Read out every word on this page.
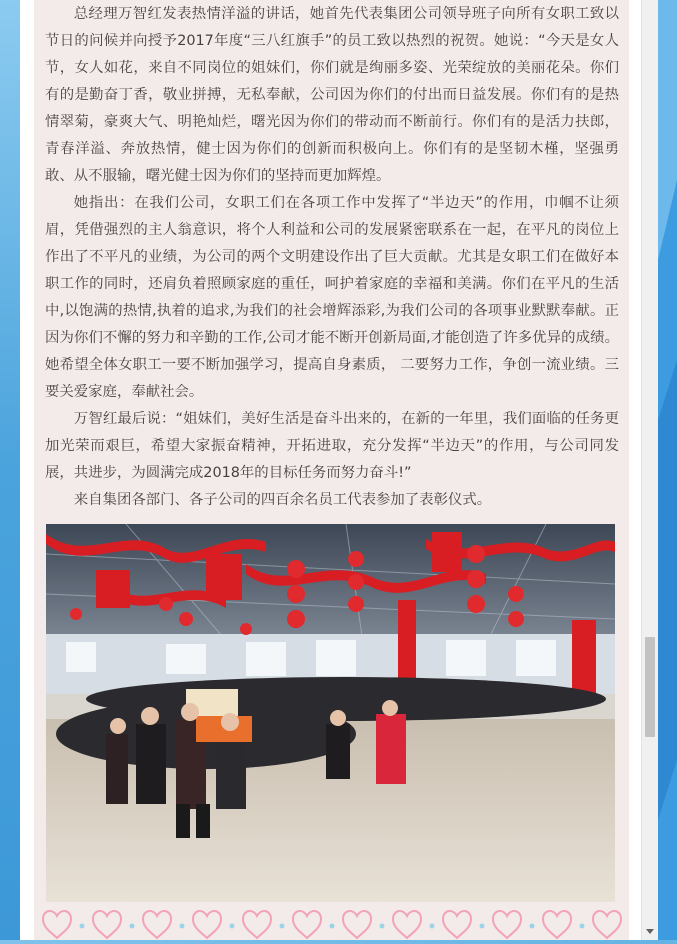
总经理万智红发表热情洋溢的讲话，她首先代表集团公司领导班子向所有女职工致以节日的问候并向授予2017年度“三八红旗手”的员工致以热烈的祝贺。她说：“今天是女人节，女人如花，来自不同岗位的姐妹们，你们就是绚丽多姿、光荣绽放的美丽花朵。你们有的是勤奋丁香，敬业拼搏，无私奉献，公司因为你们的付出而日益发展。你们有的是热情翠菊，豪爽大气、明艳灿烂，曙光因为你们的带动而不断前行。你们有的是活力扶郎，青春洋溢、奔放热情，健士因为你们的创新而积极向上。你们有的是坚韧木槿，坚强勇敢、从不服输，曙光健士因为你们的坚持而更加辉煌。

她指出：在我们公司，女职工们在各项工作中发挥了“半边天”的作用，巾帼不让须眉，凭借强烈的主人翁意识，将个人利益和公司的发展紧密联系在一起，在平凡的岗位上作出了不平凡的业绩，为公司的两个文明建设作出了巨大贡献。尤其是女职工们在做好本职工作的同时，还肩负着照顾家庭的重任，呵护着家庭的幸福和美满。你们在平凡的生活中,以饱满的热情,执着的追求,为我们的社会增辉添彩,为我们公司的各项事业默默奉献。正因为你们不懈的努力和辛勤的工作,公司才能不断开创新局面,才能创造了许多优异的成绩。她希望全体女职工一要不断加强学习，提高自身素质， 二要努力工作，争创一流业绩。三要关爱家庭，奉献社会。

万智红最后说：“姐妹们，美好生活是奋斗出来的，在新的一年里，我们面临的任务更加光荣而艰巨，希望大家振奋精神，开拓进取，充分发挥“半边天”的作用，与公司同发展，共进步，为圆满完成2018年的目标任务而努力奋斗!”

来自集团各部门、各子公司的四百余名员工代表参加了表彰仪式。
